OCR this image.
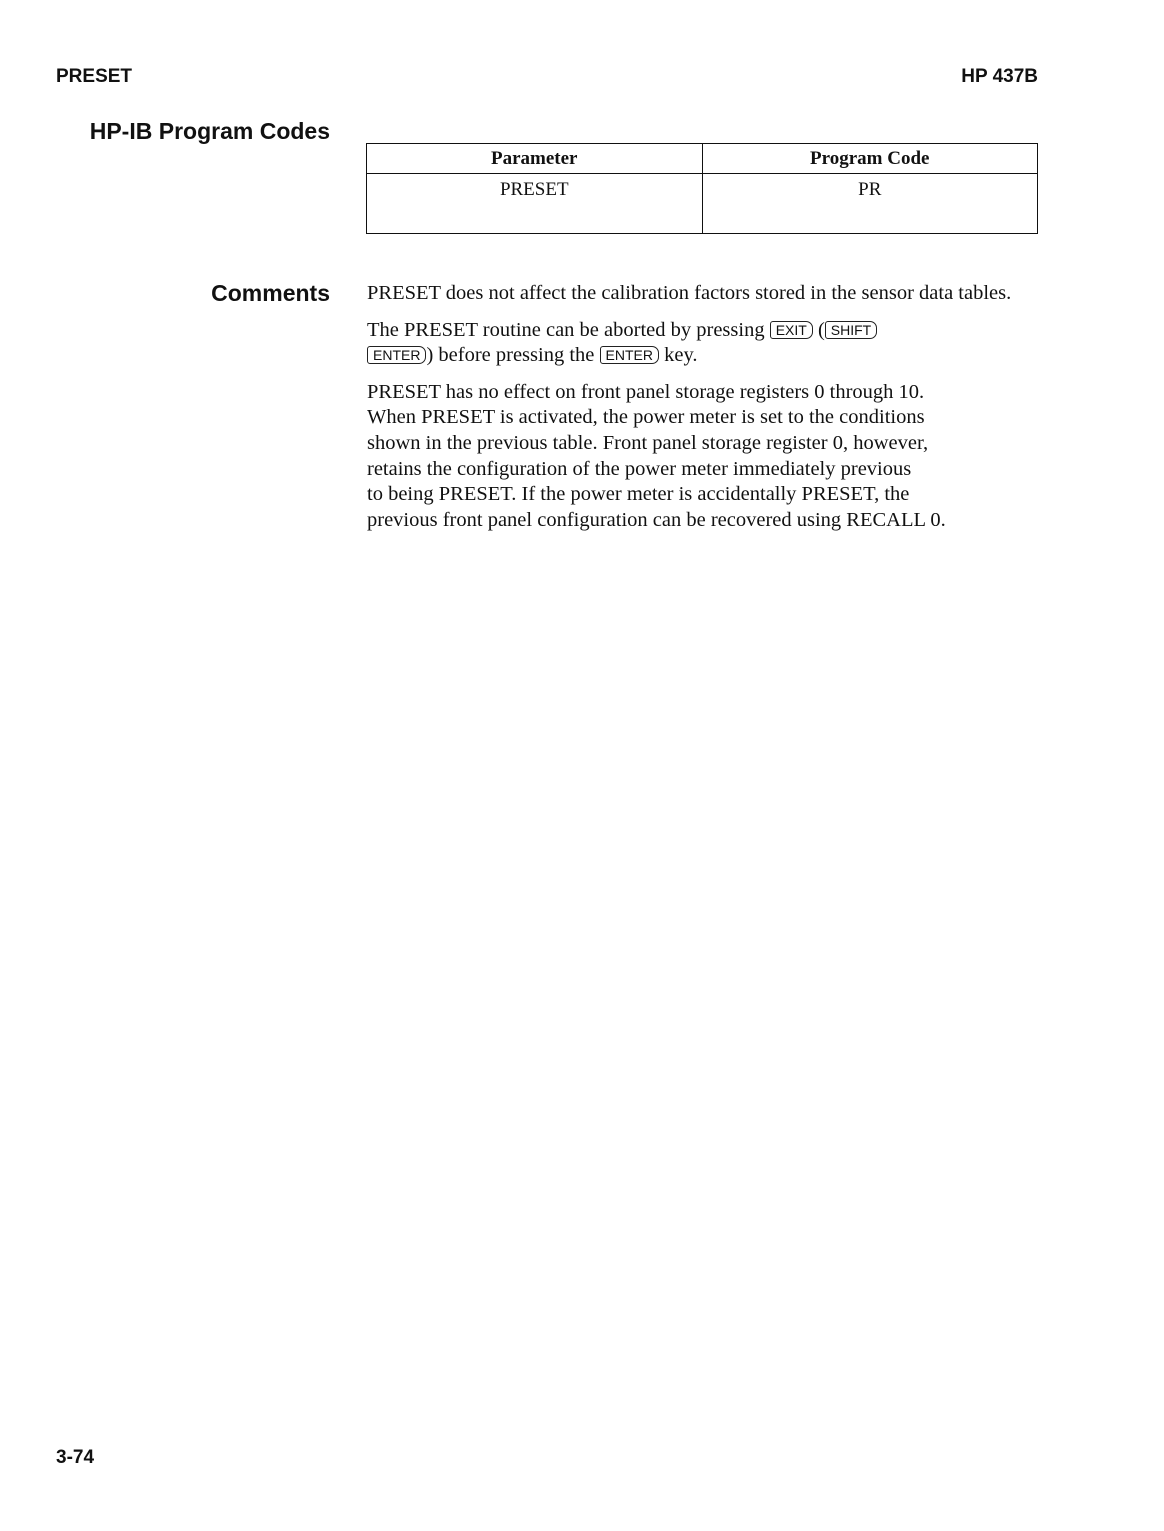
PRESET	HP 437B
HP-IB Program Codes
Parameter	Program Code
PRESET	PR
Comments PRESET does not affect the calibration factors stored in the sensor data tables.

The PRESET routine can be aborted by pressing EXIT ( SHIFT
ENTER ) before pressing the ENTER key.

PRESET has no effect on front panel storage registers 0 through 10.
When PRESET is activated, the power meter is set to the conditions
shown in the previous table. Front panel storage register 0, however,
retains the configuration of the power meter immediately previous
to being PRESET. If the power meter is accidentally PRESET, the
previous front panel configuration can be recovered using RECALL 0.

3-74
